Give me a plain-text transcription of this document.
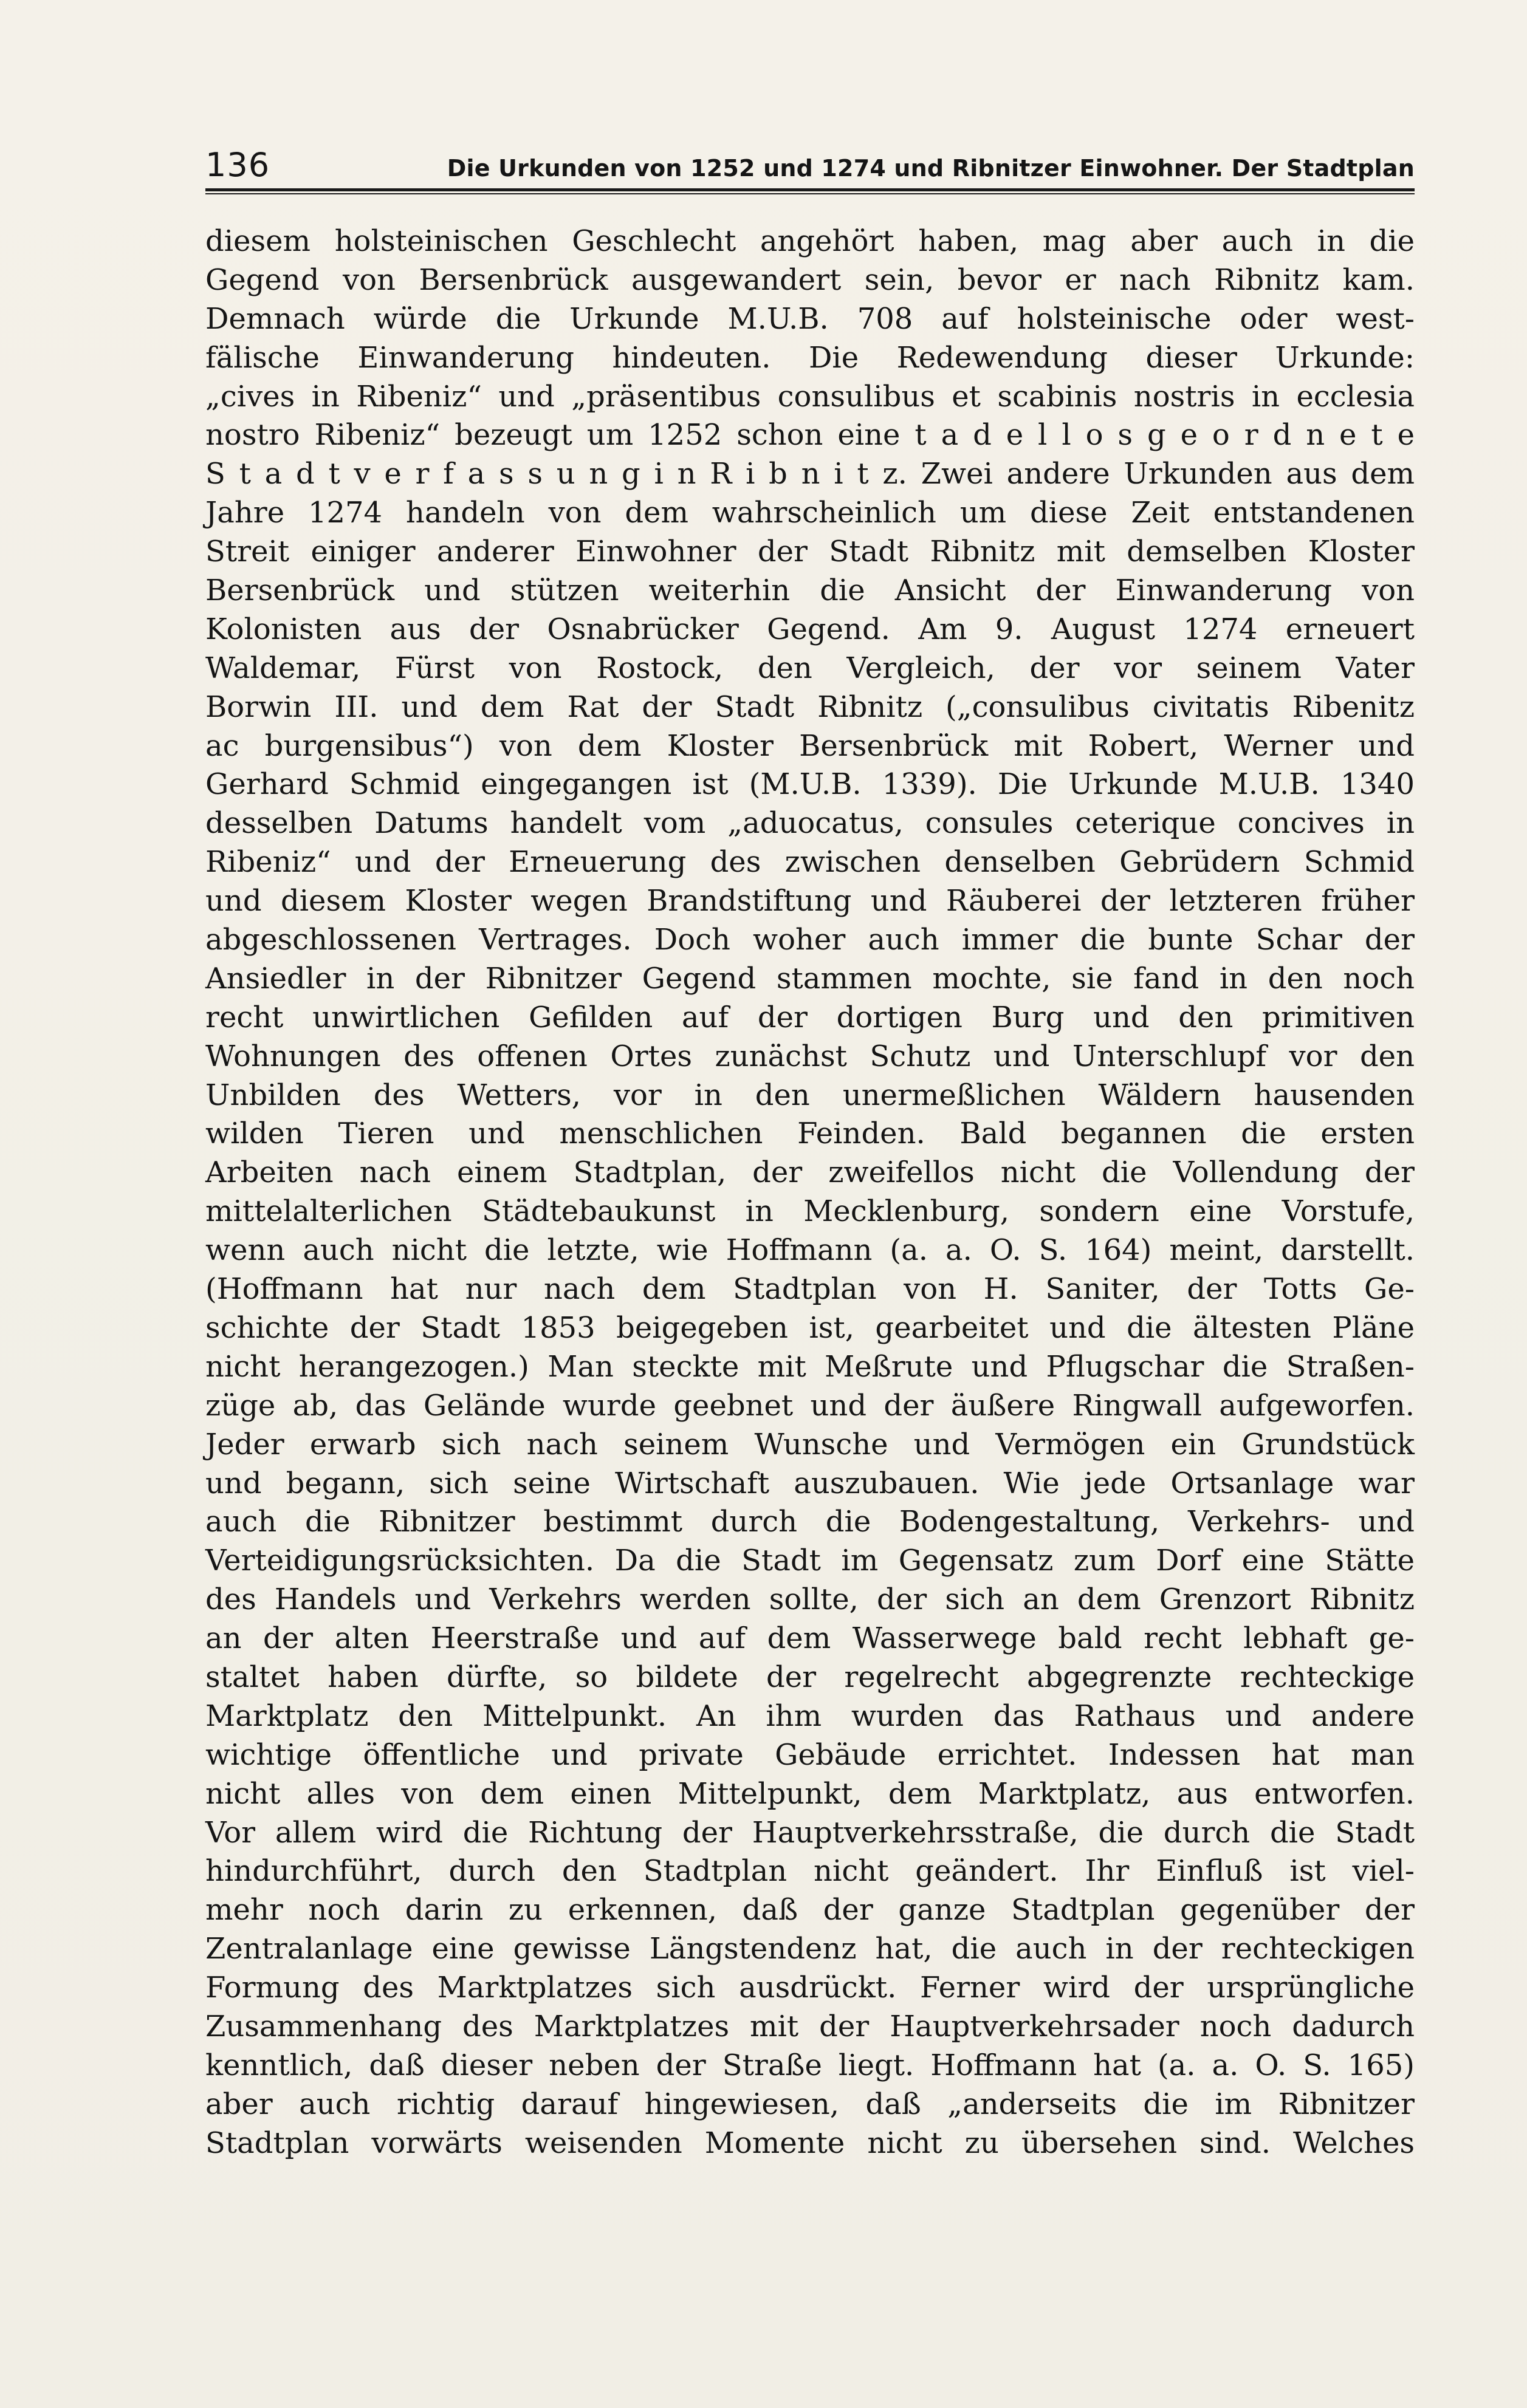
136	Die Urkunden von 1252 und 1274 und Ribnitzer Einwohner. Der Stadtplan
diesem holsteinischen Geschlecht angehört haben, mag aber auch in die
Gegend von Bersenbrück ausgewandert sein, bevor er nach Ribnitz kam.
Demnach würde die Urkunde M.U.B. 708 auf holsteinische oder west-
fälische Einwanderung hindeuten. Die Redewendung dieser Urkunde:
„cives in Ribeniz“ und „präsentibus consulibus et scabinis nostris in ecclesia
nostro Ribeniz“ bezeugt um 1252 schon eine t a d e l l o s g e o r d n e t e
S t a d t v e r f a s s u n g i n R i b n i t z. Zwei andere Urkunden aus dem
Jahre 1274 handeln von dem wahrscheinlich um diese Zeit entstandenen
Streit einiger anderer Einwohner der Stadt Ribnitz mit demselben Kloster
Bersenbrück und stützen weiterhin die Ansicht der Einwanderung von
Kolonisten aus der Osnabrücker Gegend. Am 9. August 1274 erneuert
Waldemar, Fürst von Rostock, den Vergleich, der vor seinem Vater
Borwin III. und dem Rat der Stadt Ribnitz („consulibus civitatis Ribenitz
ac burgensibus“) von dem Kloster Bersenbrück mit Robert, Werner und
Gerhard Schmid eingegangen ist (M.U.B. 1339). Die Urkunde M.U.B. 1340
desselben Datums handelt vom „aduocatus, consules ceterique concives in
Ribeniz“ und der Erneuerung des zwischen denselben Gebrüdern Schmid
und diesem Kloster wegen Brandstiftung und Räuberei der letzteren früher
abgeschlossenen Vertrages. Doch woher auch immer die bunte Schar der
Ansiedler in der Ribnitzer Gegend stammen mochte, sie fand in den noch
recht unwirtlichen Gefilden auf der dortigen Burg und den primitiven
Wohnungen des offenen Ortes zunächst Schutz und Unterschlupf vor den
Unbilden des Wetters, vor in den unermeßlichen Wäldern hausenden
wilden Tieren und menschlichen Feinden. Bald begannen die ersten
Arbeiten nach einem Stadtplan, der zweifellos nicht die Vollendung der
mittelalterlichen Städtebaukunst in Mecklenburg, sondern eine Vorstufe,
wenn auch nicht die letzte, wie Hoffmann (a. a. O. S. 164) meint, darstellt.
(Hoffmann hat nur nach dem Stadtplan von H. Saniter, der Totts Ge-
schichte der Stadt 1853 beigegeben ist, gearbeitet und die ältesten Pläne
nicht herangezogen.) Man steckte mit Meßrute und Pflugschar die Straßen-
züge ab, das Gelände wurde geebnet und der äußere Ringwall aufgeworfen.
Jeder erwarb sich nach seinem Wunsche und Vermögen ein Grundstück
und begann, sich seine Wirtschaft auszubauen. Wie jede Ortsanlage war
auch die Ribnitzer bestimmt durch die Bodengestaltung, Verkehrs- und
Verteidigungsrücksichten. Da die Stadt im Gegensatz zum Dorf eine Stätte
des Handels und Verkehrs werden sollte, der sich an dem Grenzort Ribnitz
an der alten Heerstraße und auf dem Wasserwege bald recht lebhaft ge-
staltet haben dürfte, so bildete der regelrecht abgegrenzte rechteckige
Marktplatz den Mittelpunkt. An ihm wurden das Rathaus und andere
wichtige öffentliche und private Gebäude errichtet. Indessen hat man
nicht alles von dem einen Mittelpunkt, dem Marktplatz, aus entworfen.
Vor allem wird die Richtung der Hauptverkehrsstraße, die durch die Stadt
hindurchführt, durch den Stadtplan nicht geändert. Ihr Einfluß ist viel-
mehr noch darin zu erkennen, daß der ganze Stadtplan gegenüber der
Zentralanlage eine gewisse Längstendenz hat, die auch in der rechteckigen
Formung des Marktplatzes sich ausdrückt. Ferner wird der ursprüngliche
Zusammenhang des Marktplatzes mit der Hauptverkehrsader noch dadurch
kenntlich, daß dieser neben der Straße liegt. Hoffmann hat (a. a. O. S. 165)
aber auch richtig darauf hingewiesen, daß „anderseits die im Ribnitzer
Stadtplan vorwärts weisenden Momente nicht zu übersehen sind. Welches
